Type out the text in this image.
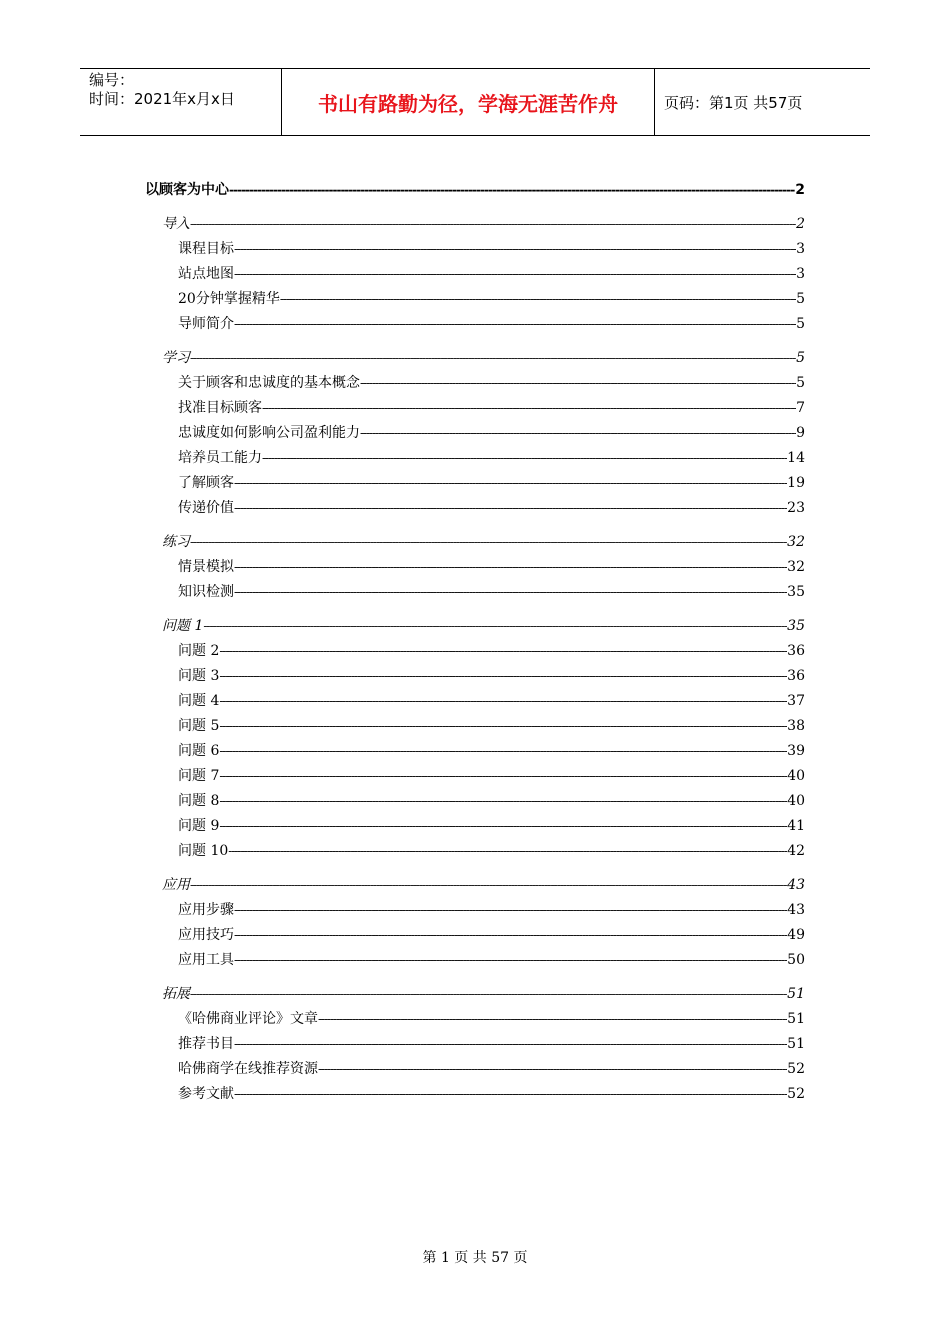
编号：
时间：2021年x月x日	书山有路勤为径，学海无涯苦作舟	页码：第1页 共57页
以顾客为中心 -----	2
导入 -----	2
课程目标 -----	3
站点地图 -----	3
20分钟掌握精华 -----	5
导师简介 -----	5
学习 -----	5
关于顾客和忠诚度的基本概念 -----	5
找准目标顾客 -----	7
忠诚度如何影响公司盈利能力 -----	9
培养员工能力 -----	14
了解顾客 -----	19
传递价值 -----	23
练习 -----	32
情景模拟 -----	32
知识检测 -----	35
问题 1 -----	35
问题 2 -----	36
问题 3 -----	36
问题 4 -----	37
问题 5 -----	38
问题 6 -----	39
问题 7 -----	40
问题 8 -----	40
问题 9 -----	41
问题 10 -----	42
应用 -----	43
应用步骤 -----	43
应用技巧 -----	49
应用工具 -----	50
拓展 -----	51
《哈佛商业评论》文章 -----	51
推荐书目 -----	51
哈佛商学在线推荐资源 -----	52
参考文献 -----	52
第 1 页 共 57 页
